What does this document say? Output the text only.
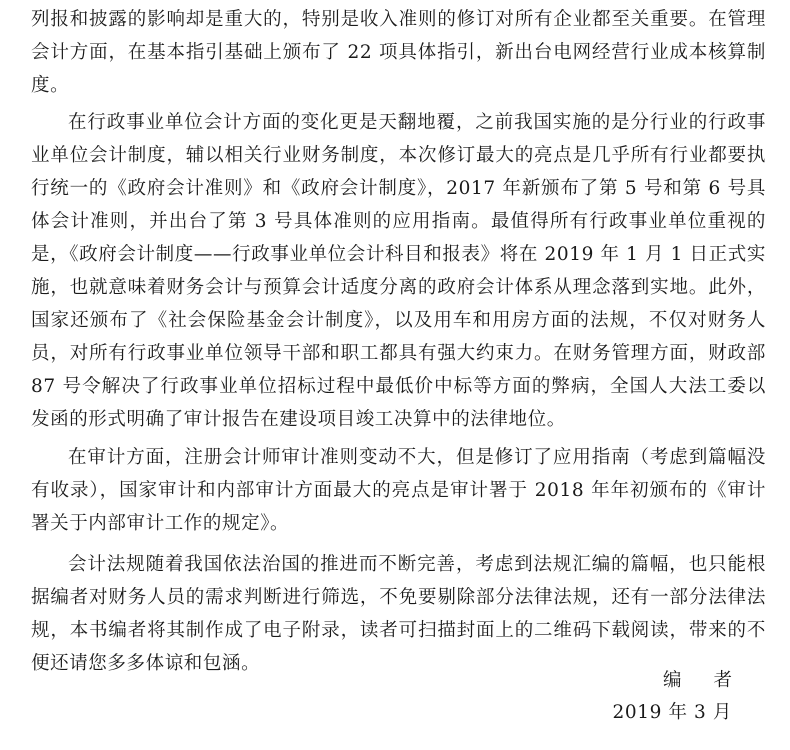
列报和披露的影响却是重大的，特别是收入准则的修订对所有企业都至关重要。在管理会计方面，在基本指引基础上颁布了 22 项具体指引，新出台电网经营行业成本核算制度。

在行政事业单位会计方面的变化更是天翻地覆，之前我国实施的是分行业的行政事业单位会计制度，辅以相关行业财务制度，本次修订最大的亮点是几乎所有行业都要执行统一的《政府会计准则》和《政府会计制度》，2017 年新颁布了第 5 号和第 6 号具体会计准则，并出台了第 3 号具体准则的应用指南。最值得所有行政事业单位重视的是，《政府会计制度——行政事业单位会计科目和报表》将在 2019 年 1 月 1 日正式实施，也就意味着财务会计与预算会计适度分离的政府会计体系从理念落到实地。此外，国家还颁布了《社会保险基金会计制度》，以及用车和用房方面的法规，不仅对财务人员，对所有行政事业单位领导干部和职工都具有强大约束力。在财务管理方面，财政部 87 号令解决了行政事业单位招标过程中最低价中标等方面的弊病，全国人大法工委以发函的形式明确了审计报告在建设项目竣工决算中的法律地位。

在审计方面，注册会计师审计准则变动不大，但是修订了应用指南（考虑到篇幅没有收录），国家审计和内部审计方面最大的亮点是审计署于 2018 年年初颁布的《审计署关于内部审计工作的规定》。

会计法规随着我国依法治国的推进而不断完善，考虑到法规汇编的篇幅，也只能根据编者对财务人员的需求判断进行筛选，不免要剔除部分法律法规，还有一部分法律法规，本书编者将其制作成了电子附录，读者可扫描封面上的二维码下载阅读，带来的不便还请您多多体谅和包涵。

编者
2019 年 3 月
